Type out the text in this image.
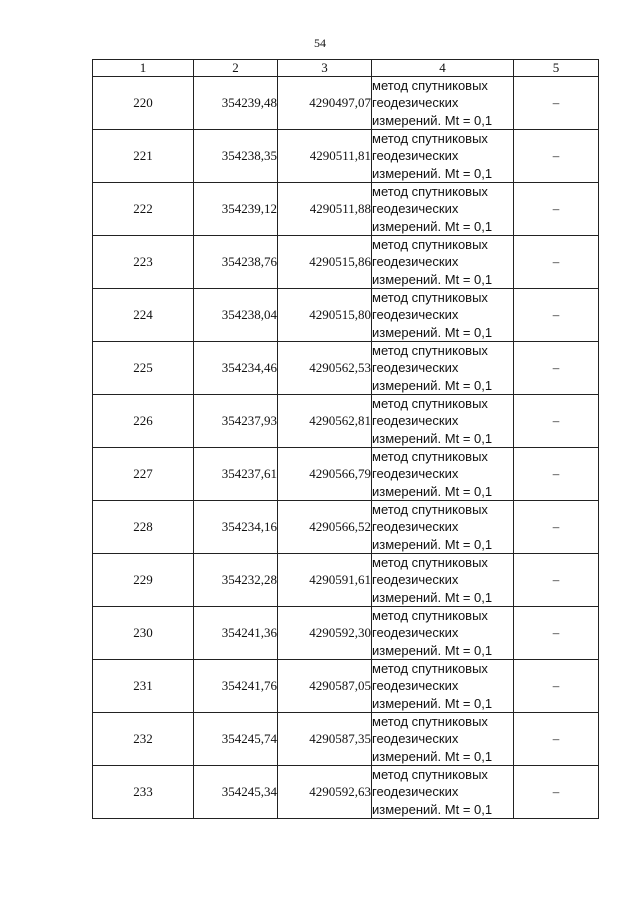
54
1	2	3	4	5
220	354239,48	4290497,07	метод спутниковых
геодезических
измерений. Mt = 0,1	–
221	354238,35	4290511,81	метод спутниковых
геодезических
измерений. Mt = 0,1	–
222	354239,12	4290511,88	метод спутниковых
геодезических
измерений. Mt = 0,1	–
223	354238,76	4290515,86	метод спутниковых
геодезических
измерений. Mt = 0,1	–
224	354238,04	4290515,80	метод спутниковых
геодезических
измерений. Mt = 0,1	–
225	354234,46	4290562,53	метод спутниковых
геодезических
измерений. Mt = 0,1	–
226	354237,93	4290562,81	метод спутниковых
геодезических
измерений. Mt = 0,1	–
227	354237,61	4290566,79	метод спутниковых
геодезических
измерений. Mt = 0,1	–
228	354234,16	4290566,52	метод спутниковых
геодезических
измерений. Mt = 0,1	–
229	354232,28	4290591,61	метод спутниковых
геодезических
измерений. Mt = 0,1	–
230	354241,36	4290592,30	метод спутниковых
геодезических
измерений. Mt = 0,1	–
231	354241,76	4290587,05	метод спутниковых
геодезических
измерений. Mt = 0,1	–
232	354245,74	4290587,35	метод спутниковых
геодезических
измерений. Mt = 0,1	–
233	354245,34	4290592,63	метод спутниковых
геодезических
измерений. Mt = 0,1	–
